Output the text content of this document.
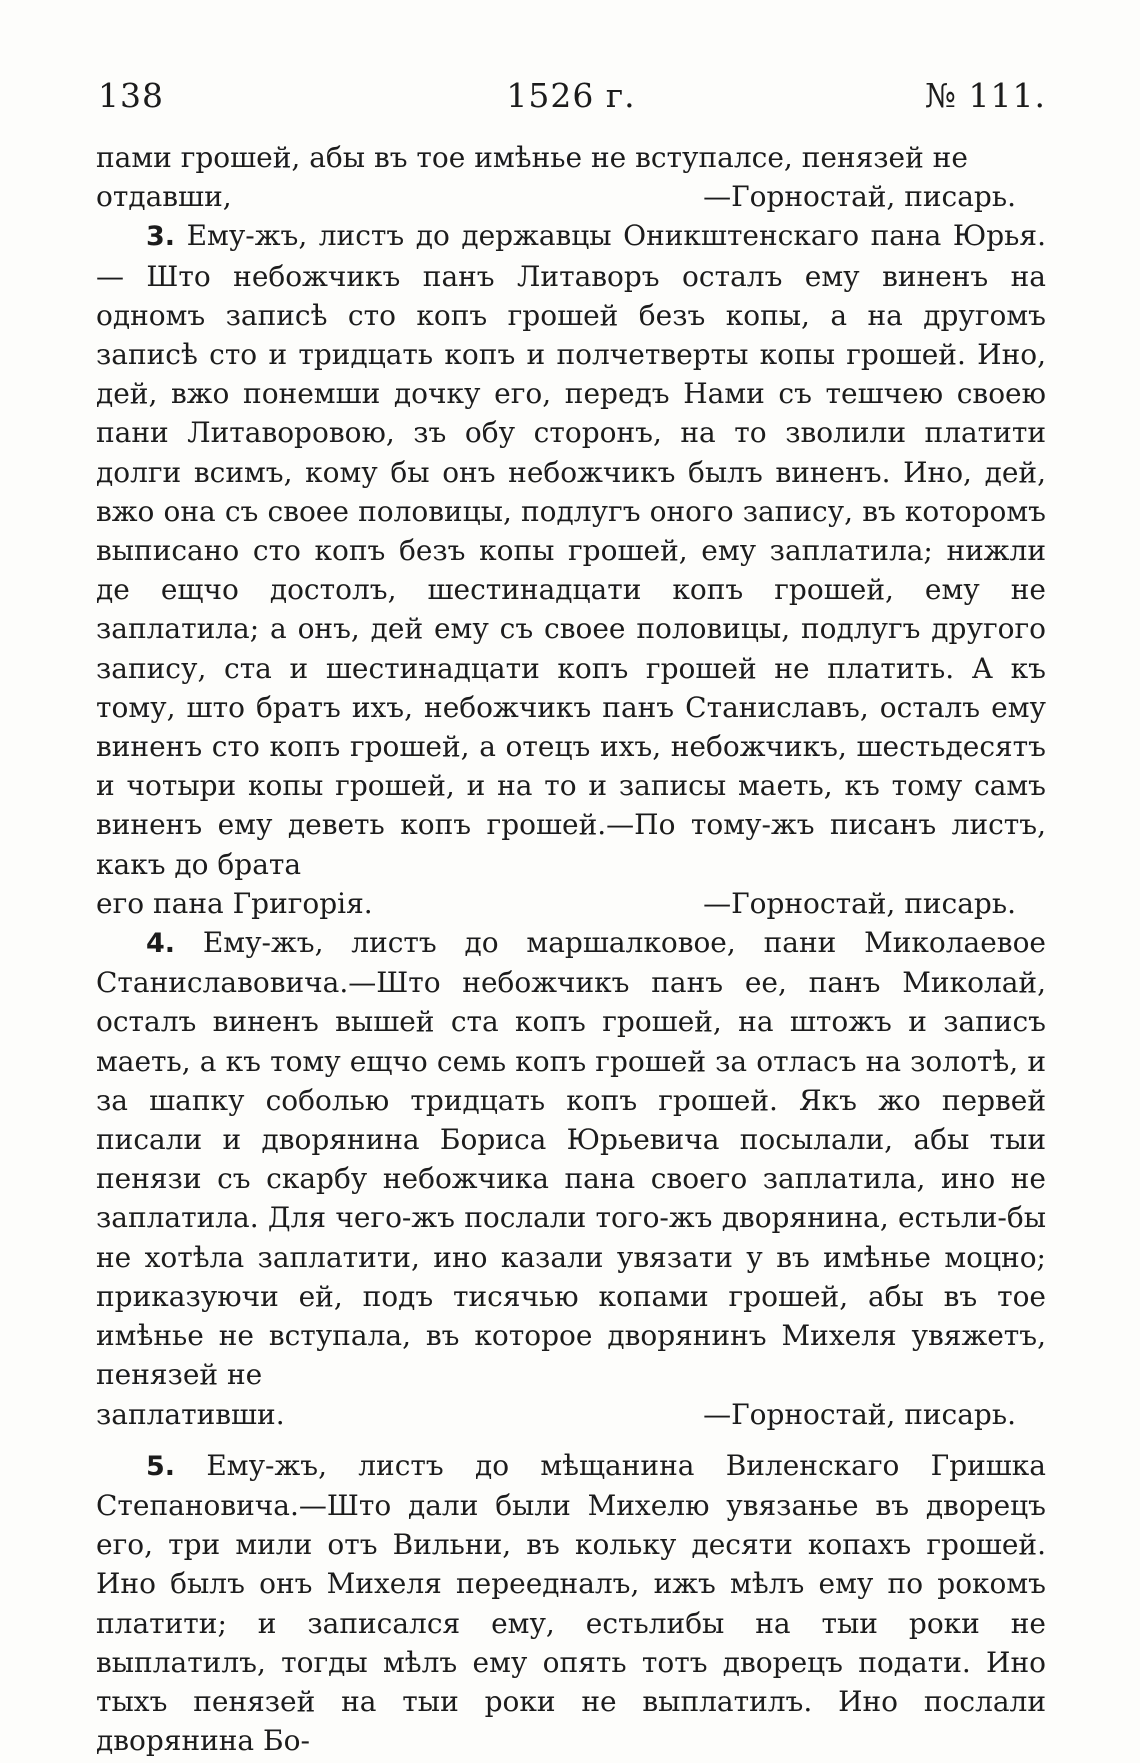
138	1526 г.	№ 111.

пами грошей, абы въ тое имѣнье не вступалсе, пенязей не

отдавши,	—Горностай, писарь.

3. Ему-жъ, листъ до державцы Оникштенскаго пана Юрья.— Што небожчикъ панъ Литаворъ осталъ ему виненъ на одномъ записѣ сто копъ грошей безъ копы, а на другомъ записѣ сто и тридцать копъ и полчетверты копы грошей. Ино, дей, вжо понемши дочку его, передъ Нами съ тешчею своею пани Литаворовою, зъ обу сторонъ, на то зволили платити долги всимъ, кому бы онъ небожчикъ былъ виненъ. Ино, дей, вжо она съ своее половицы, подлугъ оного запису, въ которомъ выписано сто копъ безъ копы грошей, ему заплатила; нижли де ещчо достолъ, шестинадцати копъ грошей, ему не заплатила; а онъ, дей ему съ своее половицы, подлугъ другого запису, ста и шестинадцати копъ грошей не платить. А къ тому, што братъ ихъ, небожчикъ панъ Станиславъ, осталъ ему виненъ сто копъ грошей, а отецъ ихъ, небожчикъ, шестьдесятъ и чотыри копы грошей, и на то и записы маеть, къ тому самъ виненъ ему деветь копъ грошей.—По тому-жъ писанъ листъ, какъ до брата

его пана Григорія.	—Горностай, писарь.

4. Ему-жъ, листъ до маршалковое, пани Миколаевое Станиславовича.—Што небожчикъ панъ ее, панъ Миколай, осталъ виненъ вышей ста копъ грошей, на штожъ и записъ маеть, а къ тому ещчо семь копъ грошей за отласъ на золотѣ, и за шапку соболью тридцать копъ грошей. Якъ жо первей писали и дворянина Бориса Юрьевича посылали, абы тыи пенязи съ скарбу небожчика пана своего заплатила, ино не заплатила. Для чего-жъ послали того-жъ дворянина, естьли-бы не хотѣла заплатити, ино казали увязати у въ имѣнье моцно; приказуючи ей, подъ тисячью копами грошей, абы въ тое имѣнье не вступала, въ которое дворянинъ Михеля увяжетъ, пенязей не

заплативши.	—Горностай, писарь.

5. Ему-жъ, листъ до мѣщанина Виленскаго Гришка Степановича.—Што дали были Михелю увязанье въ дворецъ его, три мили отъ Вильни, въ кольку десяти копахъ грошей. Ино былъ онъ Михеля переедналъ, ижъ мѣлъ ему по рокомъ платити; и записался ему, естьлибы на тыи роки не выплатилъ, тогды мѣлъ ему опять тотъ дворецъ подати. Ино тыхъ пенязей на тыи роки не выплатилъ. Ино послали дворянина Бо-
